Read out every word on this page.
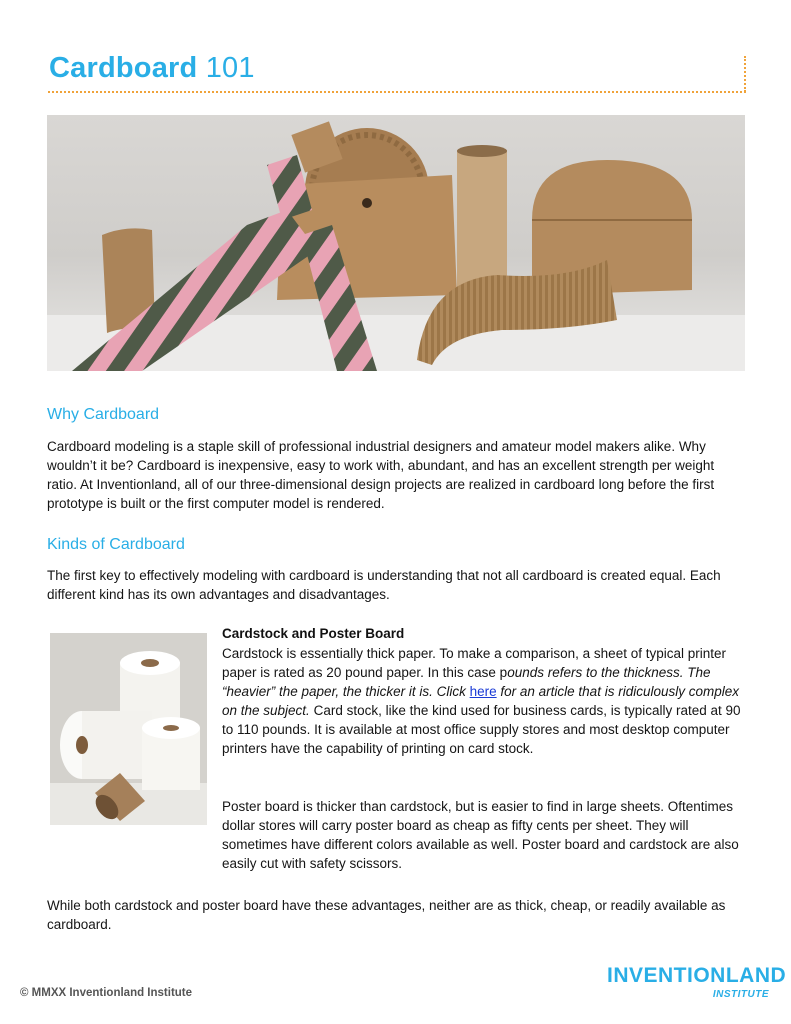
Cardboard 101
Why Cardboard

Cardboard modeling is a staple skill of professional industrial designers and amateur model makers alike. Why wouldn’t it be? Cardboard is inexpensive, easy to work with, abundant, and has an excellent strength per weight ratio. At Inventionland, all of our three-dimensional design projects are realized in cardboard long before the first prototype is built or the first computer model is rendered.

Kinds of Cardboard

The first key to effectively modeling with cardboard is understanding that not all cardboard is created equal. Each different kind has its own advantages and disadvantages.

Cardstock and Poster Board

Cardstock is essentially thick paper. To make a comparison, a sheet of typical printer paper is rated as 20 pound paper. In this case pounds refers to the thickness. The “heavier” the paper, the thicker it is. Click here for an article that is ridiculously complex on the subject. Card stock, like the kind used for business cards, is typically rated at 90 to 110 pounds. It is available at most office supply stores and most desktop computer printers have the capability of printing on card stock.

Poster board is thicker than cardstock, but is easier to find in large sheets. Oftentimes dollar stores will carry poster board as cheap as fifty cents per sheet. They will sometimes have different colors available as well. Poster board and cardstock are also easily cut with safety scissors.

While both cardstock and poster board have these advantages, neither are as thick, cheap, or readily available as cardboard.

© MMXX Inventionland Institute
INVENTIONLAND
INSTITUTE
